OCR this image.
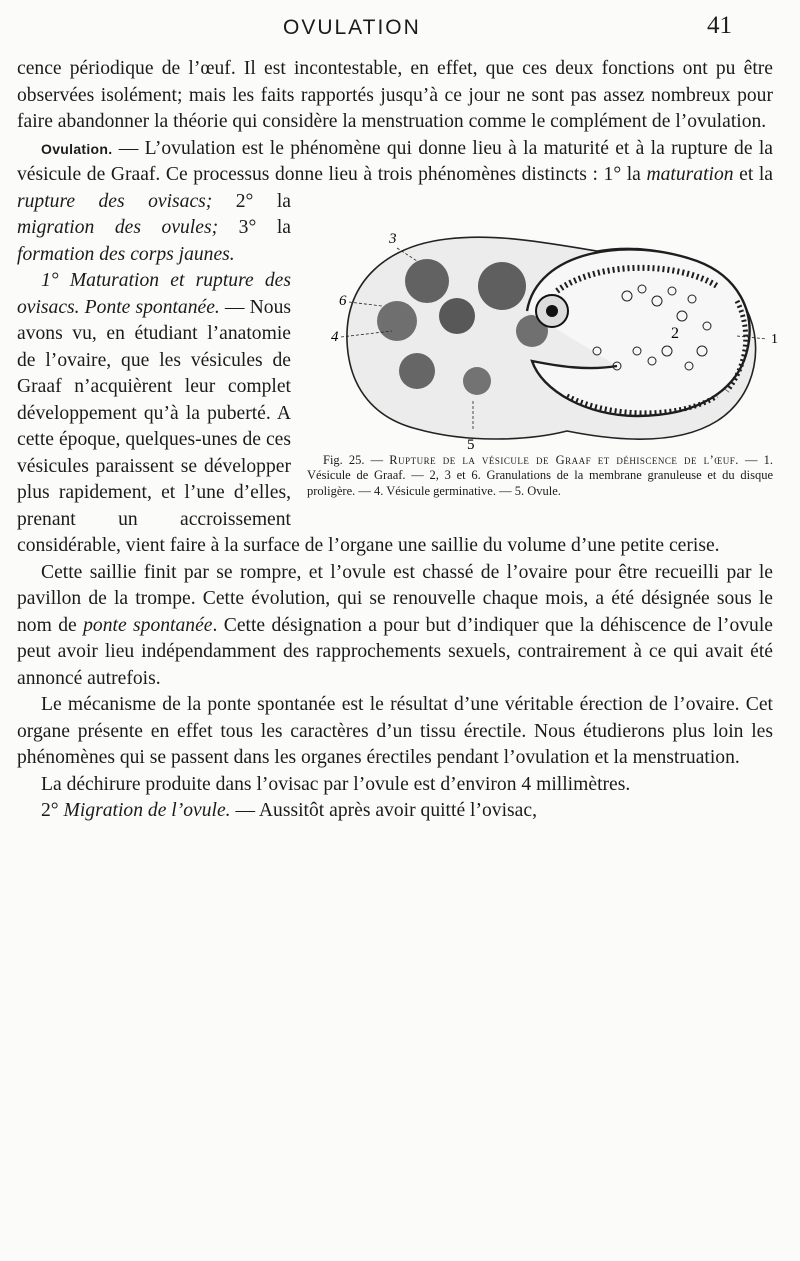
OVULATION	41

cence périodique de l’œuf. Il est incontestable, en effet, que ces deux fonctions ont pu être observées isolément; mais les faits rapportés jusqu’à ce jour ne sont pas assez nombreux pour faire abandonner la théorie qui considère la menstruation comme le complément de l’ovulation.

Ovulation. — L’ovulation est le phénomène qui donne lieu à la maturité et à la rupture de la vésicule de Graaf. Ce processus donne lieu à trois phénomènes distincts :
3
6
4	2
5
1
Fig. 25. — Rupture de la vésicule de Graaf et déhiscence de l’œuf. — 1. Vésicule de Graaf. — 2, 3 et 6. Granulations de la membrane granuleuse et du disque proligère. — 4. Vésicule germinative. — 5. Ovule.
1° la maturation et la rupture des ovisacs; 2° la migration des ovules; 3° la formation des corps jaunes.

1° Maturation et rupture des ovisacs. Ponte spontanée. — Nous avons vu, en étudiant l’anatomie de l’ovaire, que les vésicules de Graaf n’acquièrent leur complet développement qu’à la puberté. A cette époque, quelques-unes de ces vésicules paraissent se développer plus rapidement, et l’une d’elles, prenant un accroissement considérable, vient faire à la surface de l’organe une saillie du volume d’une petite cerise.

Cette saillie finit par se rompre, et l’ovule est chassé de l’ovaire pour être recueilli par le pavillon de la trompe. Cette évolution, qui se renouvelle chaque mois, a été désignée sous le nom de ponte spontanée. Cette désignation a pour but d’indiquer que la déhiscence de l’ovule peut avoir lieu indépendamment des rapprochements sexuels, contrairement à ce qui avait été annoncé autrefois.

Le mécanisme de la ponte spontanée est le résultat d’une véritable érection de l’ovaire. Cet organe présente en effet tous les caractères d’un tissu érectile. Nous étudierons plus loin les phénomènes qui se passent dans les organes érectiles pendant l’ovulation et la menstruation.

La déchirure produite dans l’ovisac par l’ovule est d’environ 4 millimètres.

2° Migration de l’ovule. — Aussitôt après avoir quitté l’ovisac,
